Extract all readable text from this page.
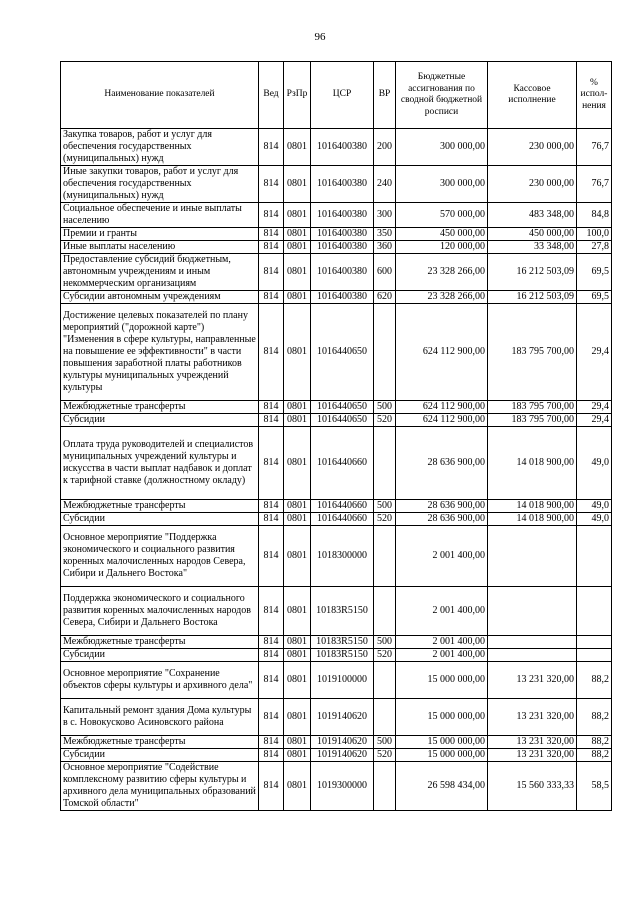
96
Наименование показателей	Вед	РзПр	ЦСР	ВР	Бюджетные ассигнования по сводной бюджетной росписи	Кассовое исполнение	% испол-нения
Закупка товаров, работ и услуг для обеспечения государственных (муниципальных) нужд	814	0801	1016400380	200	300 000,00	230 000,00	76,7
Иные закупки товаров, работ и услуг для обеспечения государственных (муниципальных) нужд	814	0801	1016400380	240	300 000,00	230 000,00	76,7
Социальное обеспечение и иные выплаты населению	814	0801	1016400380	300	570 000,00	483 348,00	84,8
Премии и гранты	814	0801	1016400380	350	450 000,00	450 000,00	100,0
Иные выплаты населению	814	0801	1016400380	360	120 000,00	33 348,00	27,8
Предоставление субсидий бюджетным, автономным учреждениям и иным некоммерческим организациям	814	0801	1016400380	600	23 328 266,00	16 212 503,09	69,5
Субсидии автономным учреждениям	814	0801	1016400380	620	23 328 266,00	16 212 503,09	69,5
Достижение целевых показателей по плану мероприятий ("дорожной карте") "Изменения в сфере культуры, направленные на повышение ее эффективности" в части повышения заработной платы работников культуры муниципальных учреждений культуры	814	0801	1016440650		624 112 900,00	183 795 700,00	29,4
Межбюджетные трансферты	814	0801	1016440650	500	624 112 900,00	183 795 700,00	29,4
Субсидии	814	0801	1016440650	520	624 112 900,00	183 795 700,00	29,4
Оплата труда руководителей и специалистов муниципальных учреждений культуры и искусства в части выплат надбавок и доплат к тарифной ставке (должностному окладу)	814	0801	1016440660		28 636 900,00	14 018 900,00	49,0
Межбюджетные трансферты	814	0801	1016440660	500	28 636 900,00	14 018 900,00	49,0
Субсидии	814	0801	1016440660	520	28 636 900,00	14 018 900,00	49,0
Основное мероприятие "Поддержка экономического и социального развития коренных малочисленных народов Севера, Сибири и Дальнего Востока"	814	0801	1018300000		2 001 400,00		
Поддержка экономического и социального развития коренных малочисленных народов Севера, Сибири и Дальнего Востока	814	0801	10183R5150		2 001 400,00		
Межбюджетные трансферты	814	0801	10183R5150	500	2 001 400,00		
Субсидии	814	0801	10183R5150	520	2 001 400,00		
Основное мероприятие "Сохранение объектов сферы культуры и архивного дела"	814	0801	1019100000		15 000 000,00	13 231 320,00	88,2
Капитальный ремонт здания Дома культуры в с. Новокусково Асиновского района	814	0801	1019140620		15 000 000,00	13 231 320,00	88,2
Межбюджетные трансферты	814	0801	1019140620	500	15 000 000,00	13 231 320,00	88,2
Субсидии	814	0801	1019140620	520	15 000 000,00	13 231 320,00	88,2
Основное мероприятие "Содействие комплексному развитию сферы культуры и архивного дела муниципальных образований Томской области"	814	0801	1019300000		26 598 434,00	15 560 333,33	58,5
